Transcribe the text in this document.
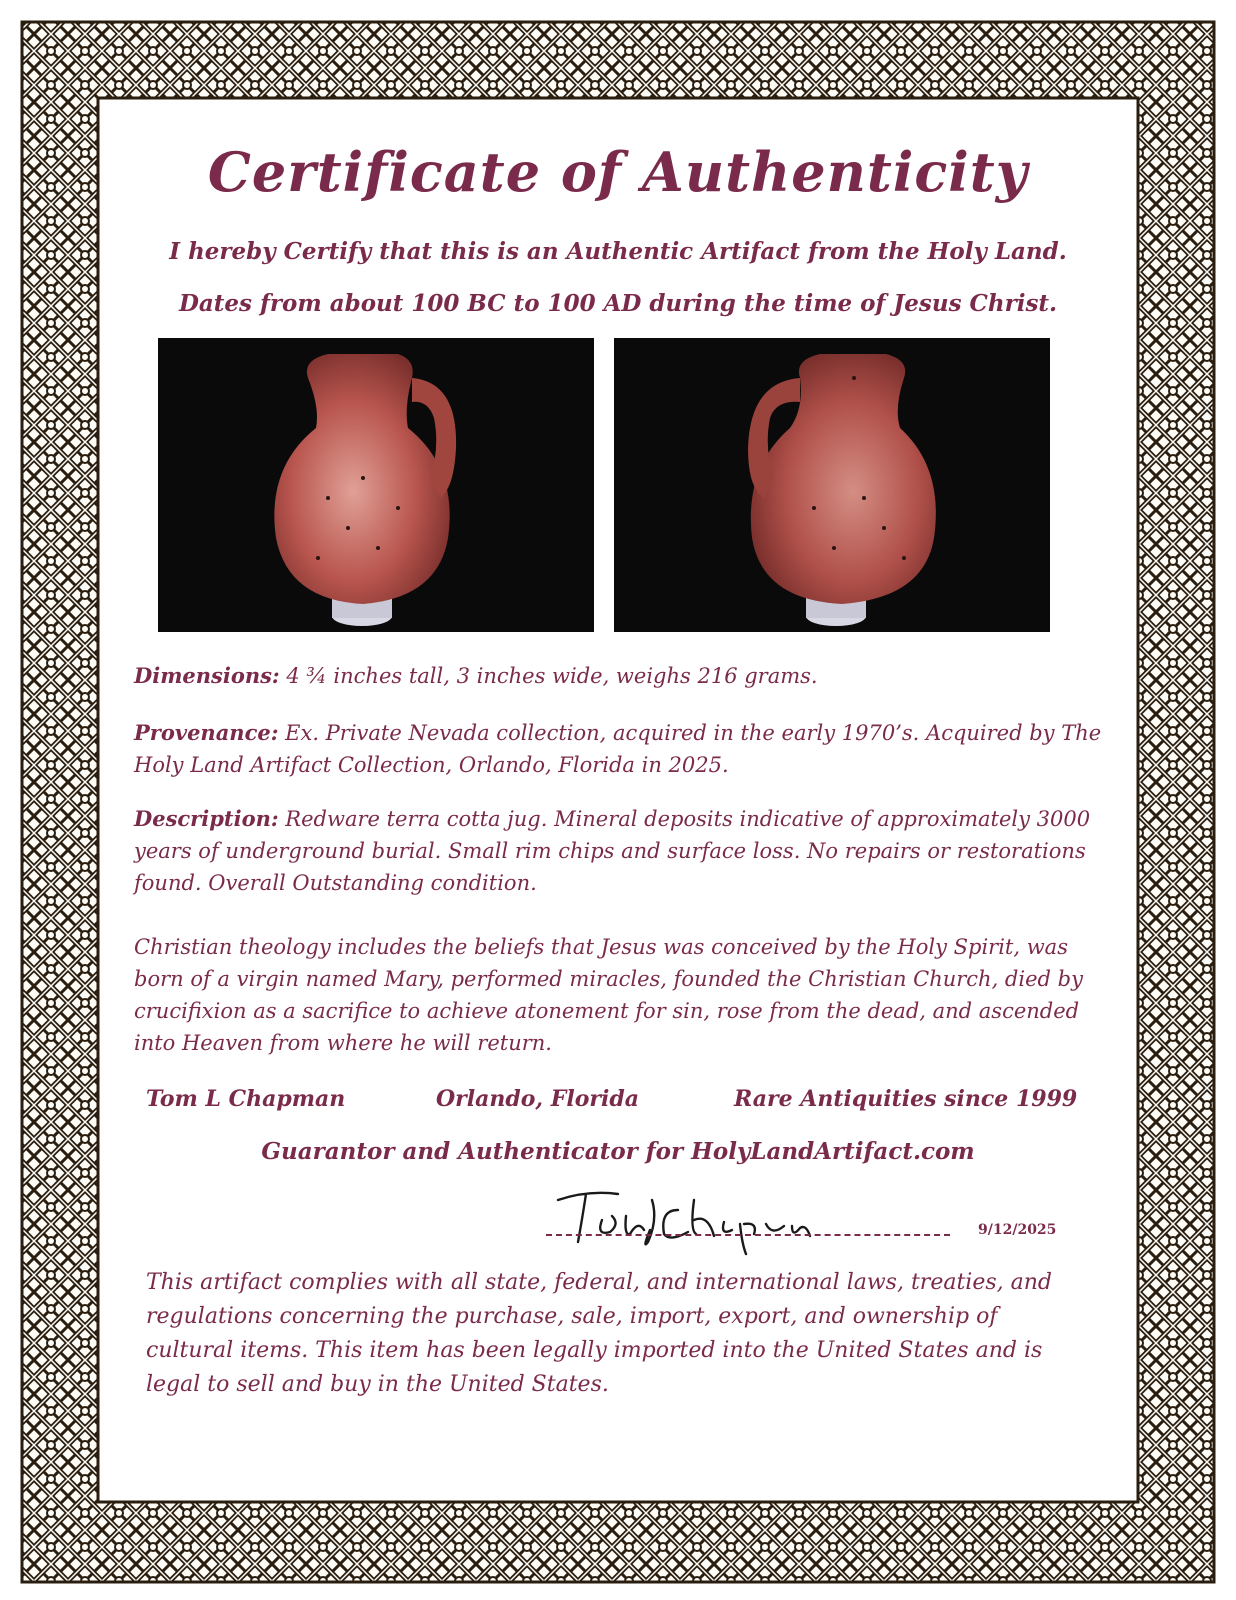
Certificate of Authenticity
I hereby Certify that this is an Authentic Artifact from the Holy Land.
Dates from about 100 BC to 100 AD during the time of Jesus Christ.
Dimensions: 4 ¾ inches tall, 3 inches wide, weighs 216 grams.
Provenance: Ex. Private Nevada collection, acquired in the early 1970’s. Acquired by The Holy Land Artifact Collection, Orlando, Florida in 2025.
Description: Redware terra cotta jug. Mineral deposits indicative of approximately 3000 years of underground burial. Small rim chips and surface loss. No repairs or restorations found. Overall Outstanding condition.
Christian theology includes the beliefs that Jesus was conceived by the Holy Spirit, was born of a virgin named Mary, performed miracles, founded the Christian Church, died by crucifixion as a sacrifice to achieve atonement for sin, rose from the dead, and ascended into Heaven from where he will return.
Tom L Chapman	Orlando, Florida	Rare Antiquities since 1999
Guarantor and Authenticator for HolyLandArtifact.com
9/12/2025
This artifact complies with all state, federal, and international laws, treaties, and regulations concerning the purchase, sale, import, export, and ownership of cultural items. This item has been legally imported into the United States and is legal to sell and buy in the United States.
